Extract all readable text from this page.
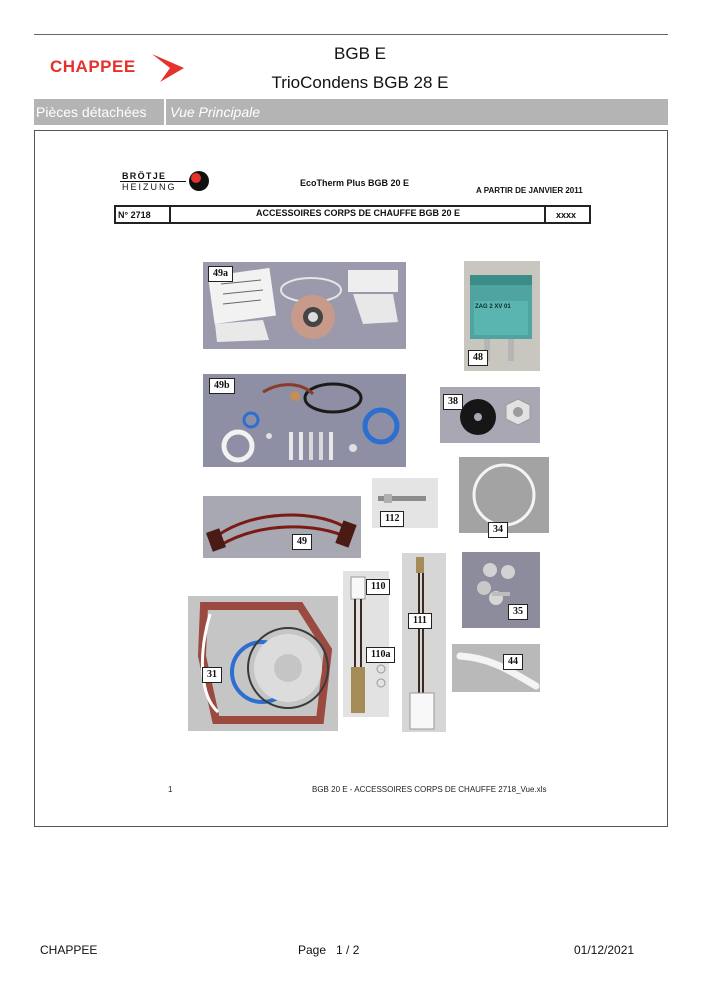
CHAPPEE
BGB E
TrioCondens BGB 28 E
Pièces détachées	Vue Principale
BRÖTJE
HEIZUNG	EcoTherm Plus BGB 20 E
A PARTIR DE JANVIER 2011
N° 2718	ACCESSOIRES CORPS DE CHAUFFE BGB 20 E	xxxx
49a
ZAG 2 XV 01
48
49b
38
34
112
49
35
110
111
110a
44
31
1	BGB 20 E - ACCESSOIRES CORPS DE CHAUFFE 2718_Vue.xls
CHAPPEE	Page 1 / 2	01/12/2021
